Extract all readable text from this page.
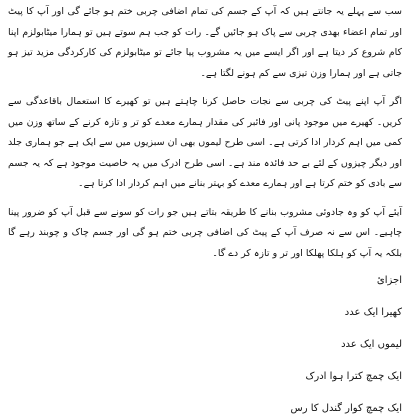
سب سے پہلے یہ جانتے ہیں کہ آپ کے جسم کی تمام اضافی چربی ختم ہو جائے گی اور آپ کا پیٹ اور تمام اعضاء بھدی چربی سے پاک ہو جائیں گے۔ رات کو جب ہم سوتے ہیں تو ہمارا میٹابولزم اپنا کام شروع کر دیتا ہے اور اگر ایسے میں یہ مشروب پیا جائے تو میٹابولزم کی کارکردگی مزید تیز ہو جاتی ہے اور ہمارا وزن تیزی سے کم ہونے لگتا ہے۔

اگر آپ اپنے پیٹ کی چربی سے نجات حاصل کرنا چاہتے ہیں تو کھیرے کا استعمال باقاعدگی سے کریں۔ کھیرے میں موجود پانی اور فائبر کی مقدار ہمارے معدے کو تر و تازہ کرنے کے ساتھ وزن میں کمی میں اہم کردار ادا کرتی ہے۔ اسی طرح لیموں بھی ان سبزیوں میں سے ایک ہے جو ہماری جلد اور دیگر چیزوں کے لئے بے حد فائدہ مند ہے۔ اسی طرح ادرک میں یہ خاصیت موجود ہے کہ یہ جسم سے بادی کو ختم کرتا ہے اور ہمارے معدے کو بہتر بنانے میں اہم کردار ادا کرتا ہے۔

آیئے آپ کو وہ جادوئی مشروب بنانے کا طریقہ بتاتے ہیں جو رات کو سونے سے قبل آپ کو ضرور پینا چاہیے۔ اس سے نہ صرف آپ کے پیٹ کی اضافی چربی ختم ہو گی اور جسم چاک و چوبند رہے گا بلکہ یہ آپ کو ہلکا پھلکا اور تر و تازہ کر دے گا۔

اجزائ
کھیرا ایک عدد
لیموں ایک عدد
ایک چمچ کترا ہوا ادرک
ایک چمچ کوار گندل کا رس
